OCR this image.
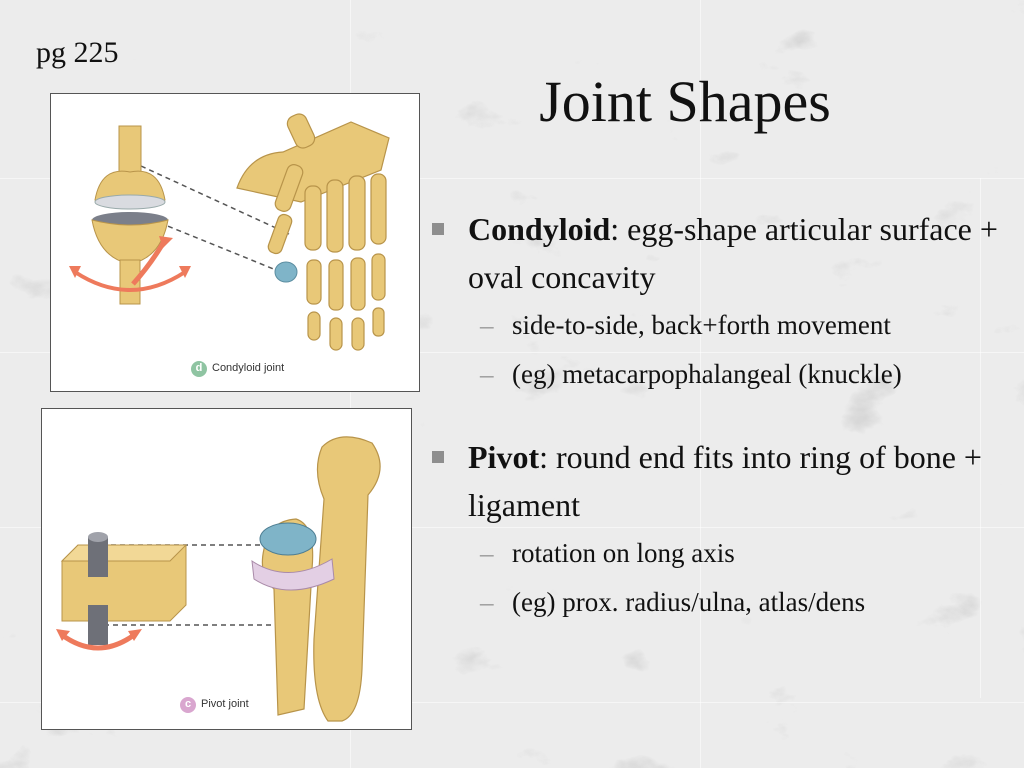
pg 225
Joint Shapes
d Condyloid joint
c Pivot joint
Condyloid: egg-shape articular surface + oval concavity
– side-to-side, back+forth movement
– (eg) metacarpophalangeal (knuckle)
Pivot: round end fits into ring of bone + ligament
– rotation on long axis
– (eg) prox. radius/ulna, atlas/dens
